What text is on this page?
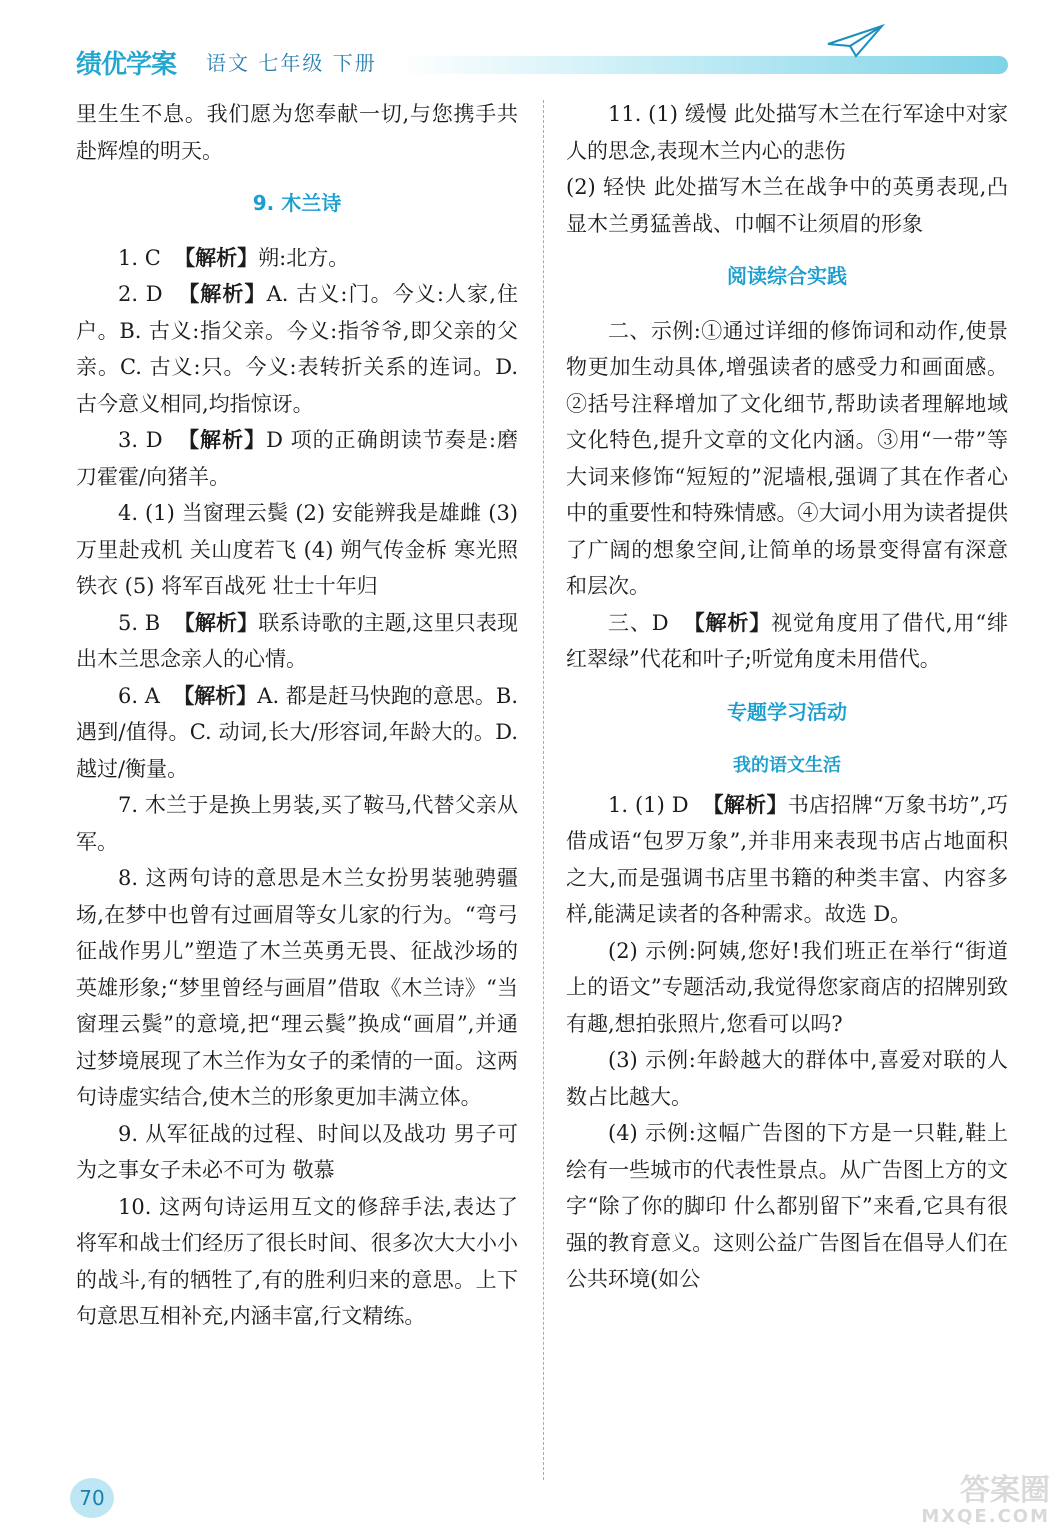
绩优学案 语文 七年级 下册

里生生不息。我们愿为您奉献一切,与您携手共赴辉煌的明天。

9. 木兰诗

1. C 【解析】朔:北方。

2. D 【解析】A. 古义:门。今义:人家,住户。B. 古义:指父亲。今义:指爷爷,即父亲的父亲。C. 古义:只。今义:表转折关系的连词。D. 古今意义相同,均指惊讶。

3. D 【解析】D 项的正确朗读节奏是:磨刀霍霍/向猪羊。

4. (1) 当窗理云鬓 (2) 安能辨我是雄雌 (3) 万里赴戎机 关山度若飞 (4) 朔气传金柝 寒光照铁衣 (5) 将军百战死 壮士十年归

5. B 【解析】联系诗歌的主题,这里只表现出木兰思念亲人的心情。

6. A 【解析】A. 都是赶马快跑的意思。B. 遇到/值得。C. 动词,长大/形容词,年龄大的。D. 越过/衡量。

7. 木兰于是换上男装,买了鞍马,代替父亲从军。

8. 这两句诗的意思是木兰女扮男装驰骋疆场,在梦中也曾有过画眉等女儿家的行为。“弯弓征战作男儿”塑造了木兰英勇无畏、征战沙场的英雄形象;“梦里曾经与画眉”借取《木兰诗》“当窗理云鬓”的意境,把“理云鬓”换成“画眉”,并通过梦境展现了木兰作为女子的柔情的一面。这两句诗虚实结合,使木兰的形象更加丰满立体。

9. 从军征战的过程、时间以及战功 男子可为之事女子未必不可为 敬慕

10. 这两句诗运用互文的修辞手法,表达了将军和战士们经历了很长时间、很多次大大小小的战斗,有的牺牲了,有的胜利归来的意思。上下句意思互相补充,内涵丰富,行文精练。

11. (1) 缓慢 此处描写木兰在行军途中对家人的思念,表现木兰内心的悲伤

(2) 轻快 此处描写木兰在战争中的英勇表现,凸显木兰勇猛善战、巾帼不让须眉的形象

阅读综合实践

二、示例:①通过详细的修饰词和动作,使景物更加生动具体,增强读者的感受力和画面感。②括号注释增加了文化细节,帮助读者理解地域文化特色,提升文章的文化内涵。③用“一带”等大词来修饰“短短的”泥墙根,强调了其在作者心中的重要性和特殊情感。④大词小用为读者提供了广阔的想象空间,让简单的场景变得富有深意和层次。

三、D 【解析】视觉角度用了借代,用“绯红翠绿”代花和叶子;听觉角度未用借代。

专题学习活动

我的语文生活

1. (1) D 【解析】书店招牌“万象书坊”,巧借成语“包罗万象”,并非用来表现书店占地面积之大,而是强调书店里书籍的种类丰富、内容多样,能满足读者的各种需求。故选 D。

(2) 示例:阿姨,您好!我们班正在举行“街道上的语文”专题活动,我觉得您家商店的招牌别致有趣,想拍张照片,您看可以吗?

(3) 示例:年龄越大的群体中,喜爱对联的人数占比越大。

(4) 示例:这幅广告图的下方是一只鞋,鞋上绘有一些城市的代表性景点。从广告图上方的文字“除了你的脚印 什么都别留下”来看,它具有很强的教育意义。这则公益广告图旨在倡导人们在公共环境(如公

70	答案圈
MXQE.COM
